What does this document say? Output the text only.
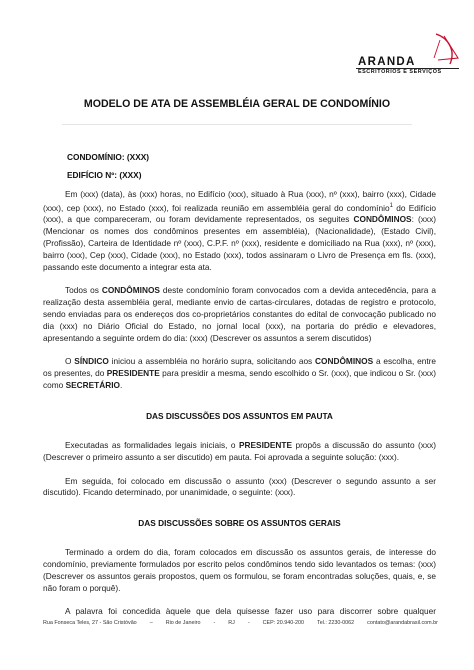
ARANDA
ESCRITÓRIOS E SERVIÇOS
MODELO DE ATA DE ASSEMBLÉIA GERAL DE CONDOMÍNIO
CONDOMÍNIO: (XXX)
EDIFÍCIO Nº: (XXX)

Em (xxx) (data), às (xxx) horas, no Edifício (xxx), situado à Rua (xxx), nº (xxx), bairro (xxx), Cidade (xxx), cep (xxx), no Estado (xxx), foi realizada reunião em assembléia geral do condomínio$^1$ do Edifício (xxx), a que compareceram, ou foram devidamente representados, os seguites CONDÔMINOS: (xxx) (Mencionar os nomes dos condôminos presentes em assembléia), (Nacionalidade), (Estado Civil), (Profissão), Carteira de Identidade nº (xxx), C.P.F. nº (xxx), residente e domiciliado na Rua (xxx), nº (xxx), bairro (xxx), Cep (xxx), Cidade (xxx), no Estado (xxx), todos assinaram o Livro de Presença em fls. (xxx), passando este documento a integrar esta ata.

Todos os CONDÔMINOS deste condomínio foram convocados com a devida antecedência, para a realização desta assembléia geral, mediante envio de cartas-circulares, dotadas de registro e protocolo, sendo enviadas para os endereços dos co-proprietários constantes do edital de convocação publicado no dia (xxx) no Diário Oficial do Estado, no jornal local (xxx), na portaria do prédio e elevadores, apresentando a seguinte ordem do dia: (xxx) (Descrever os assuntos a serem discutidos)

O SÍNDICO iniciou a assembléia no horário supra, solicitando aos CONDÔMINOS a escolha, entre os presentes, do PRESIDENTE para presidir a mesma, sendo escolhido o Sr. (xxx), que indicou o Sr. (xxx) como SECRETÁRIO.

DAS DISCUSSÕES DOS ASSUNTOS EM PAUTA

Executadas as formalidades legais iniciais, o PRESIDENTE propôs a discussão do assunto (xxx) (Descrever o primeiro assunto a ser discutido) em pauta. Foi aprovada a seguinte solução: (xxx).

Em seguida, foi colocado em discussão o assunto (xxx) (Descrever o segundo assunto a ser discutido). Ficando determinado, por unanimidade, o seguinte: (xxx).

DAS DISCUSSÕES SOBRE OS ASSUNTOS GERAIS

Terminado a ordem do dia, foram colocados em discussão os assuntos gerais, de interesse do condomínio, previamente formulados por escrito pelos condôminos tendo sido levantados os temas: (xxx) (Descrever os assuntos gerais propostos, quem os formulou, se foram encontradas soluções, quais, e, se não foram o porquê).

A palavra foi concedida àquele que dela quisesse fazer uso para discorrer sobre qualquer

Rua Fonseca Teles, 27 - São Cristóvão – Rio de Janeiro - RJ - CEP: 20.940-200 Tel.: 2230-0062 contato@arandabrasil.com.br
